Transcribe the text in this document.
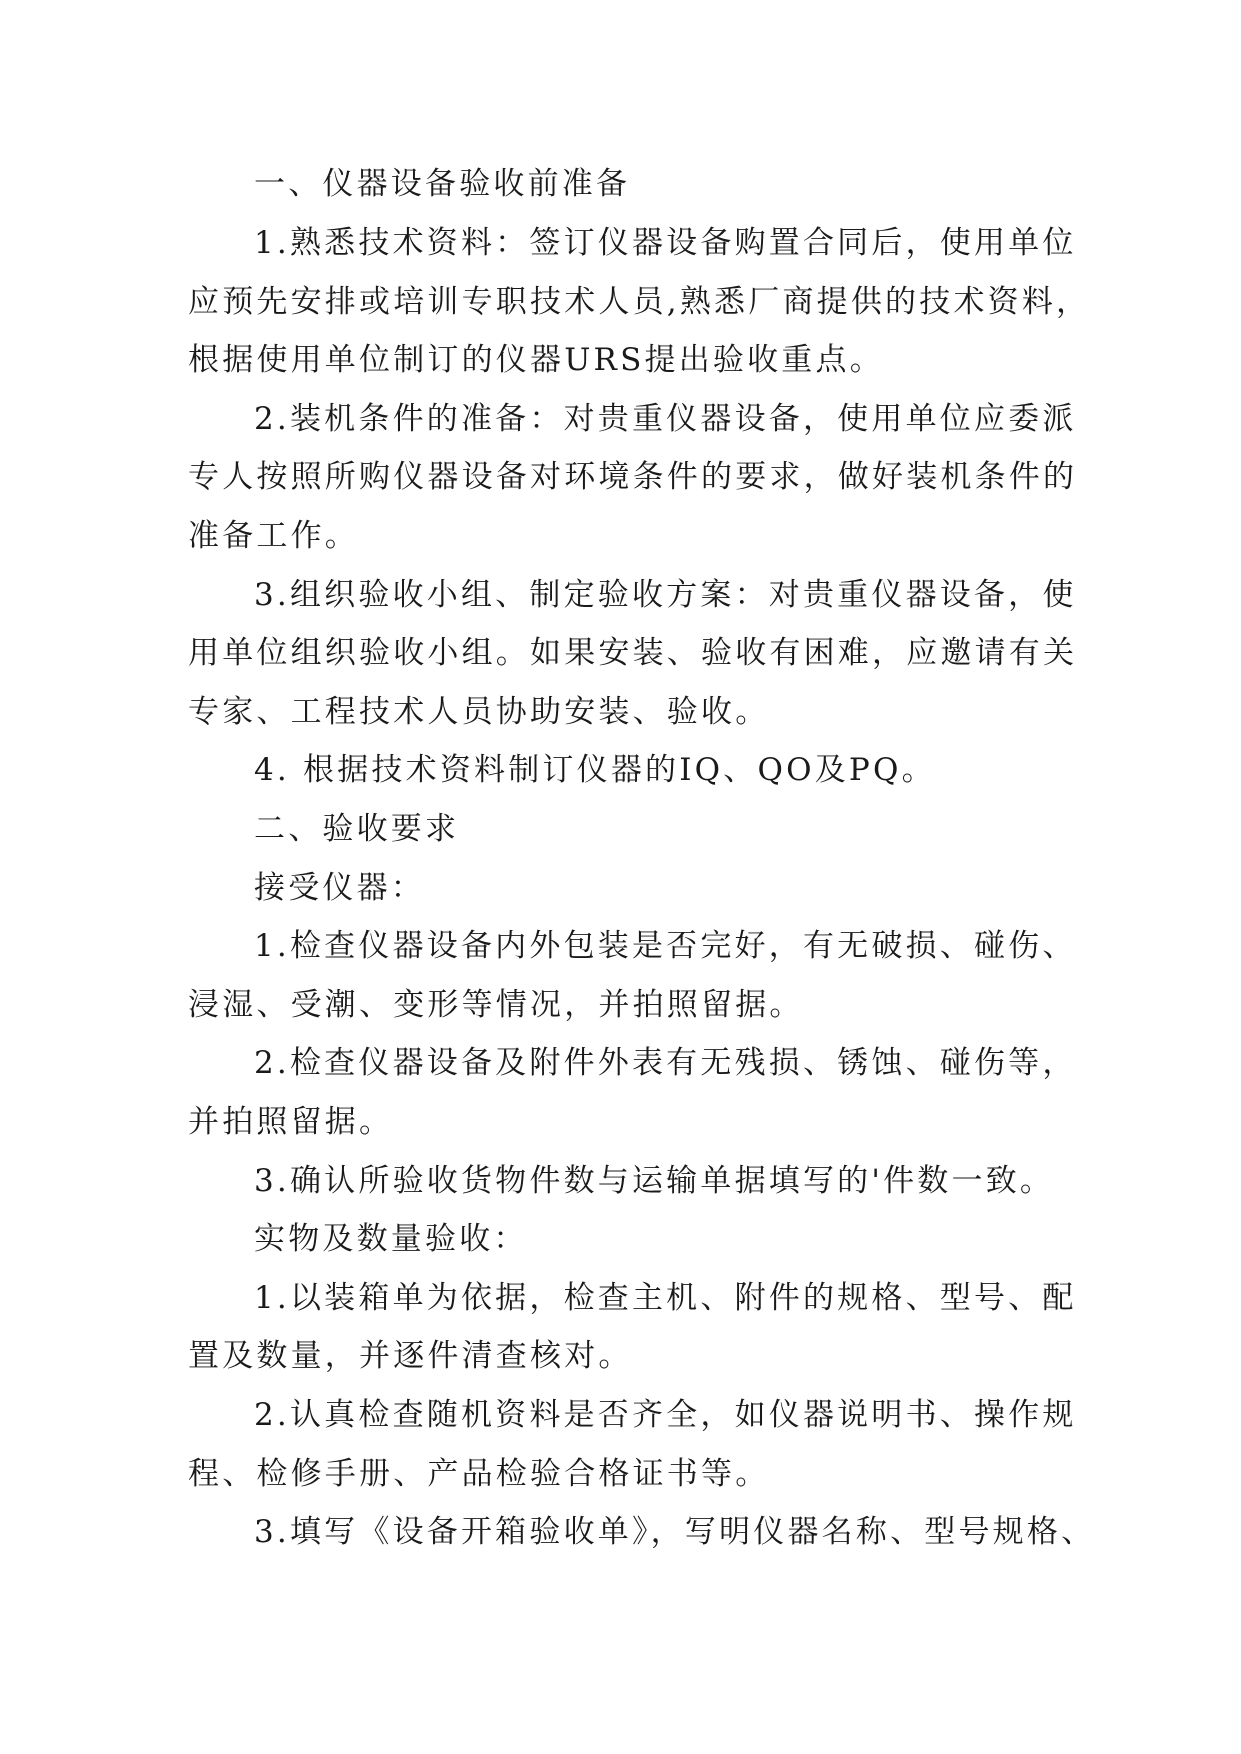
一、仪器设备验收前准备
1.熟悉技术资料：签订仪器设备购置合同后，使用单位
应预先安排或培训专职技术人员,熟悉厂商提供的技术资料，
根据使用单位制订的仪器URS提出验收重点。
2.装机条件的准备：对贵重仪器设备，使用单位应委派
专人按照所购仪器设备对环境条件的要求，做好装机条件的
准备工作。
3.组织验收小组、制定验收方案：对贵重仪器设备，使
用单位组织验收小组。如果安装、验收有困难，应邀请有关
专家、工程技术人员协助安装、验收。
4. 根据技术资料制订仪器的IQ、QO及PQ。
二、验收要求
接受仪器：
1.检查仪器设备内外包装是否完好，有无破损、碰伤、
浸湿、受潮、变形等情况，并拍照留据。
2.检查仪器设备及附件外表有无残损、锈蚀、碰伤等，
并拍照留据。
3.确认所验收货物件数与运输单据填写的'件数一致。
实物及数量验收：
1.以装箱单为依据，检查主机、附件的规格、型号、配
置及数量，并逐件清查核对。
2.认真检查随机资料是否齐全，如仪器说明书、操作规
程、检修手册、产品检验合格证书等。
3.填写《设备开箱验收单》，写明仪器名称、型号规格、
